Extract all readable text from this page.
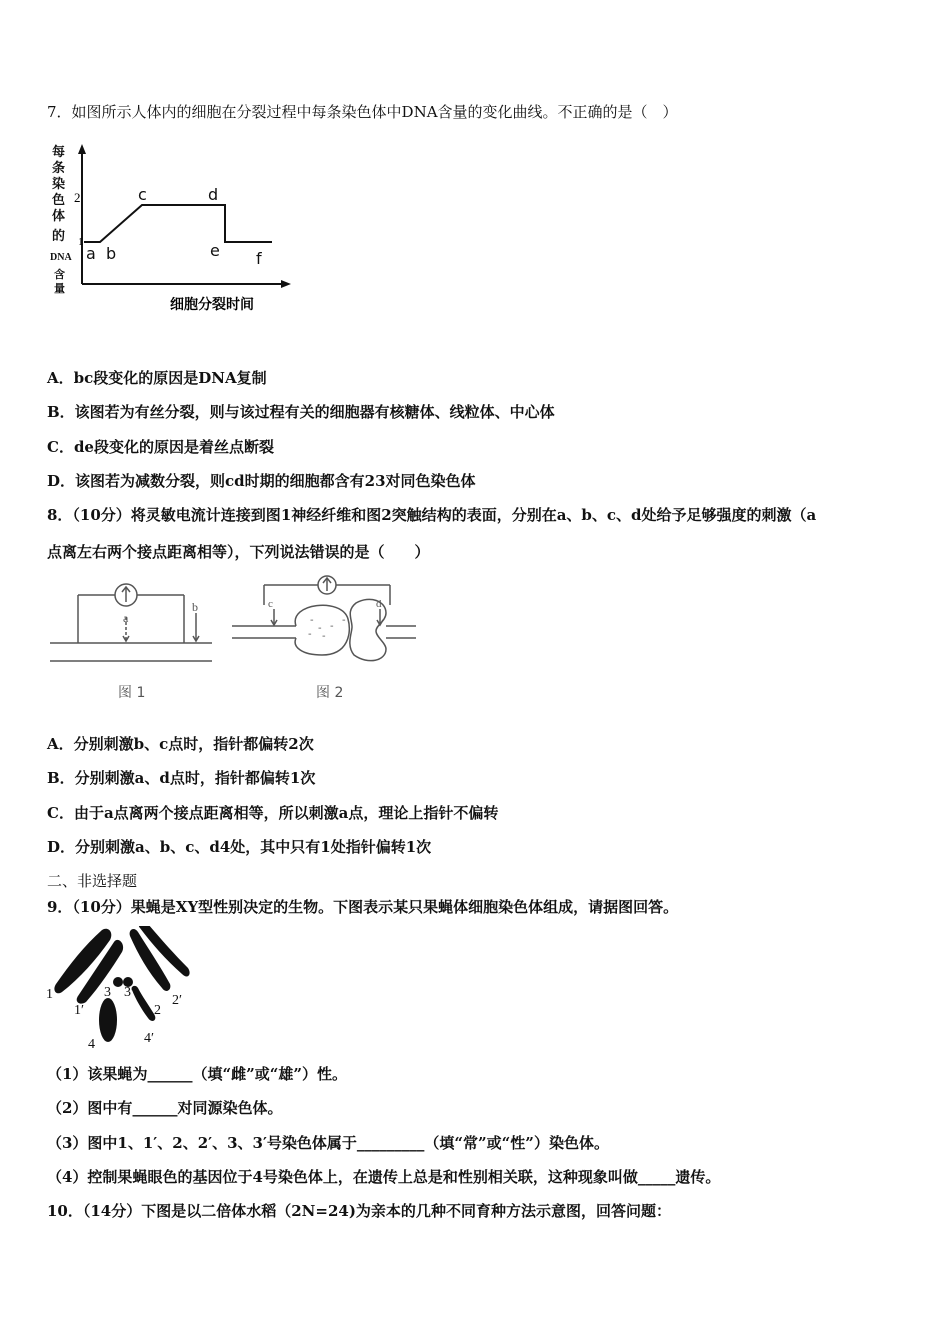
7．如图所示人体内的细胞在分裂过程中每条染色体中DNA含量的变化曲线。不正确的是（　）
每
条
染
色
体
的
DNA
含
量
2
1
a b
c	d
e f
细胞分裂时间
A．bc段变化的原因是DNA复制
B．该图若为有丝分裂，则与该过程有关的细胞器有核糖体、线粒体、中心体
C．de段变化的原因是着丝点断裂
D．该图若为减数分裂，则cd时期的细胞都含有23对同色染色体
8．（10分）将灵敏电流计连接到图1神经纤维和图2突触结构的表面，分别在a、b、c、d处给予足够强度的刺激（a
点离左右两个接点距离相等），下列说法错误的是（　　）
a
b
图 1
-
-
- -
-
-
c	d
图 2
A．分别刺激b、c点时，指针都偏转2次
B．分别刺激a、d点时，指针都偏转1次
C．由于a点离两个接点距离相等，所以刺激a点，理论上指针不偏转
D．分别刺激a、b、c、d4处，其中只有1处指针偏转1次
二、非选择题
9．（10分）果蝇是XY型性别决定的生物。下图表示某只果蝇体细胞染色体组成，请据图回答。
1
1′	2
2′
3 3′
4	4′
（1）该果蝇为______（填“雌”或“雄”）性。
（2）图中有______对同源染色体。
（3）图中1、1′、2、2′、3、3′号染色体属于_________（填“常”或“性”）染色体。
（4）控制果蝇眼色的基因位于4号染色体上，在遗传上总是和性别相关联，这种现象叫做_____遗传。
10．（14分）下图是以二倍体水稻（2N=24)为亲本的几种不同育种方法示意图，回答问题：
